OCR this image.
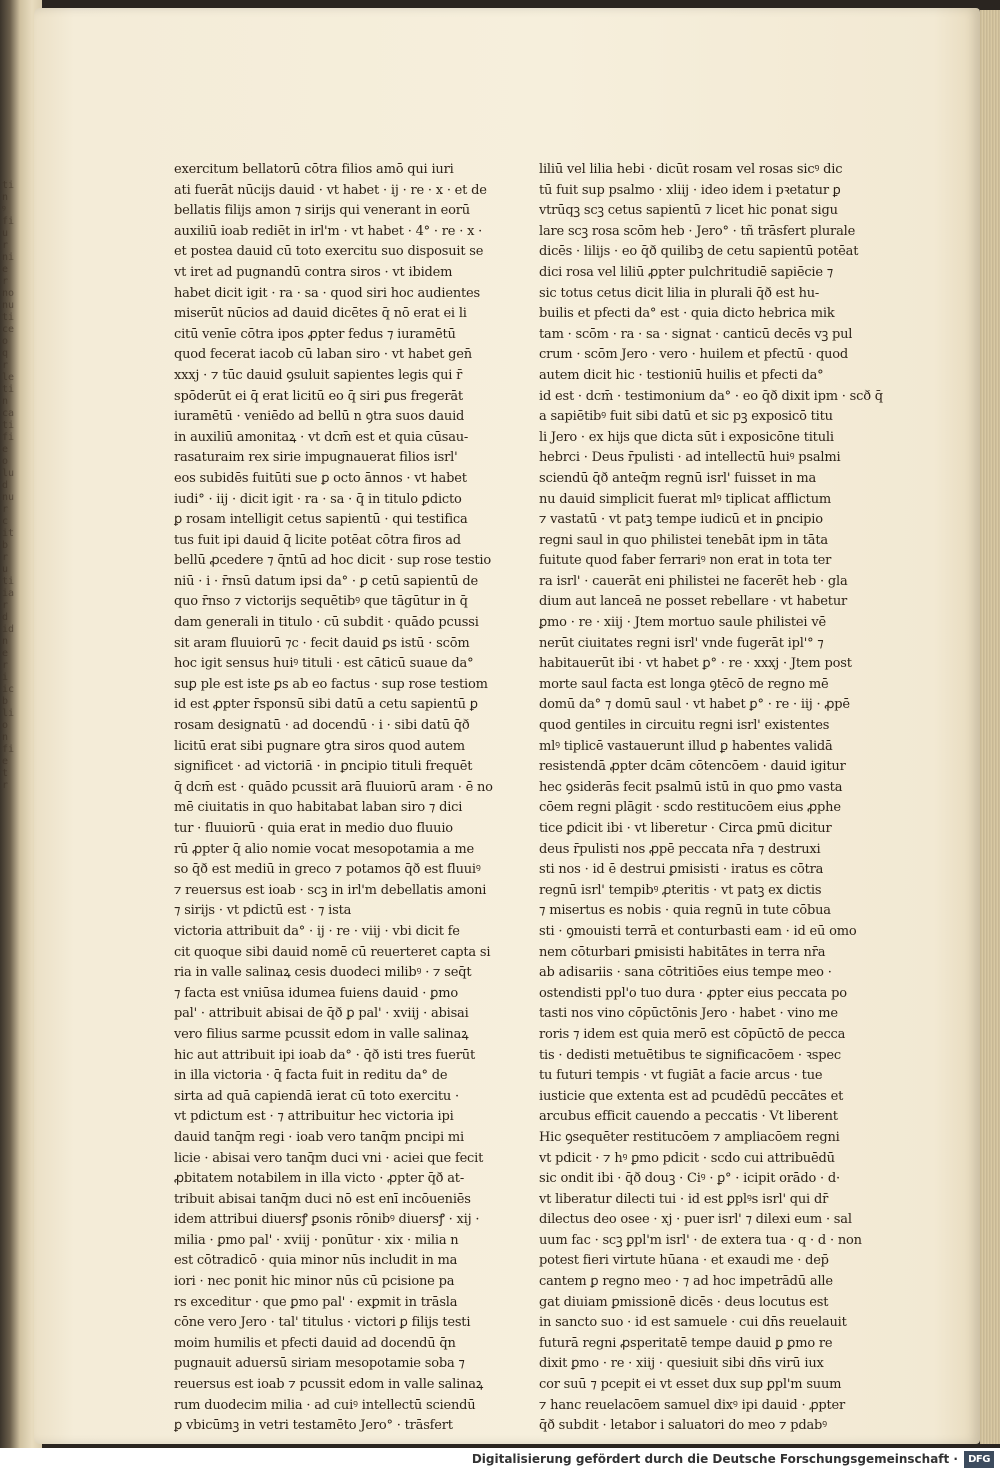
ti
n
ꝰ
fi
u
r
ni
e
r
no
nu
ti
ce
o
q
r
le
ti
n
ca
ti
fi
e
o
lu
d
nu
r
c
it
b
r
u
ti
ia
r
d
id
n
e
r
i
ic
b
li
o
n
fi
e
t
r
exercitum bellatorū cōtra filios amō qui iuri
ati fuerāt nūcijs dauid · vt habet · ij · re · x · et de
bellatis filijs amon ⁊ sirijs qui venerant in eorū
auxiliū ioab rediēt in irl'm · vt habet · 4° · re · x ·
et postea dauid cū toto exercitu suo disposuit se
vt iret ad pugnandū contra siros · vt ibidem
habet dicit igit · ra · sa · quod siri hoc audientes
miserūt nūcios ad dauid dicētes q̄ nō erat ei li
citū venīe cōtra ipos ꝓpter fedus ⁊ iuramētū
quod fecerat iacob cū laban siro · vt habet gen̄
xxxj · ⁊ tūc dauid ꝯsuluit sapientes legis qui r̄
spōderūt ei q̄ erat licitū eo q̄ siri ꝑus fregerāt
iuramētū · veniēdo ad bellū n ꝯtra suos dauid
in auxiliū amonitaꝝ · vt dcm̄ est et quia cūsau-
rasaturaim rex sirie impugnauerat filios isrl'
eos subidēs fuitūti sue ꝑ octo ānnos · vt habet
iudi° · iij · dicit igit · ra · sa · q̄ in titulo ꝑdicto
ꝑ rosam intelligit cetus sapientū · qui testifica
tus fuit ipi dauid q̄ licite potēat cōtra firos ad
bellū ꝓcedere ⁊ q̄ntū ad hoc dicit · sup rose testio
niū · i · r̄nsū datum ipsi da° · ꝑ cetū sapientū de
quo r̄nso ⁊ victorijs sequētibꝰ que tāgūtur in q̄
dam generali in titulo · cū subdit · quādo pcussi
sit aram fluuiorū ⁊c · fecit dauid ꝑs istū · scōm
hoc igit sensus huiꝰ tituli · est cāticū suaue da°
suꝑ ple est iste ꝑs ab eo factus · sup rose testiom
id est ꝓpter r̄sponsū sibi datū a cetu sapientū ꝑ
rosam designatū · ad docendū · i · sibi datū q̄ð
licitū erat sibi pugnare ꝯtra siros quod autem
significet · ad victoriā · in ꝑncipio tituli frequēt
q̄ dcm̄ est · quādo pcussit arā fluuiorū aram · ē no
mē ciuitatis in quo habitabat laban siro ⁊ dici
tur · fluuiorū · quia erat in medio duo fluuio
rū ꝓpter q̄ alio nomie vocat mesopotamia a me
so q̄ð est mediū in greco ⁊ potamos q̄ð est fluuiꝰ
⁊ reuersus est ioab · scꝫ in irl'm debellatis amoni
⁊ sirijs · vt pdictū est · ⁊ ista
victoria attribuit da° · ij · re · viij · vbi dicit fe
cit quoque sibi dauid nomē cū reuerteret capta si
ria in valle salinaꝝ cesis duodeci milibꝰ · ⁊ seq̄t
⁊ facta est vniūsa idumea fuiens dauid · ꝑmo
pal' · attribuit abisai de q̄ð ꝑ pal' · xviij · abisai
vero filius sarme pcussit edom in valle salinaꝝ
hic aut attribuit ipi ioab da° · q̄ð isti tres fuerūt
in illa victoria · q̄ facta fuit in reditu da° de
sirta ad quā capiendā ierat cū toto exercitu ·
vt pdictum est · ⁊ attribuitur hec victoria ipi
dauid tanq̄m regi · ioab vero tanq̄m pncipi mi
licie · abisai vero tanq̄m duci vni · aciei que fecit
ꝓbitatem notabilem in illa victo · ꝓpter q̄ð at-
tribuit abisai tanq̄m duci nō est enī incōueniēs
idem attribui diuersꝭ ꝑsonis rōnibꝰ diuersꝭ · xij ·
milia · ꝑmo pal' · xviij · ponūtur · xix · milia n
est cōtradicō · quia minor nūs includit in ma
iori · nec ponit hic minor nūs cū pcisione pa
rs exceditur · que ꝑmo pal' · exꝑmit in trāsla
cōne vero Jero · tal' titulus · victori ꝑ filijs testi
moim humilis et pfecti dauid ad docendū q̄n
pugnauit aduersū siriam mesopotamie soba ⁊
reuersus est ioab ⁊ pcussit edom in valle salinaꝝ
rum duodecim milia · ad cuiꝰ intellectū sciendū
ꝑ vbicūmꝫ in vetri testamēto Jero° · trāsfert
liliū vel lilia hebi · dicūt rosam vel rosas sicꝰ dic
tū fuit sup psalmo · xliij · ideo idem i pꝛetatur ꝑ
vtrūqꝫ scꝫ cetus sapientū ⁊ licet hic ponat sigu
lare scꝫ rosa scōm heb · Jero° · tñ trāsfert plurale
dicēs · lilijs · eo q̄ð quilibꝫ de cetu sapientū potēat
dici rosa vel liliū ꝓpter pulchritudiē sapiēcie ⁊
sic totus cetus dicit lilia in plurali q̄ð est hu-
builis et pfecti da° est · quia dicto hebrica mik
tam · scōm · ra · sa · signat · canticū decēs vꝫ pul
crum · scōm Jero · vero · huilem et pfectū · quod
autem dicit hic · testioniū huilis et pfecti da°
id est · dcm̄ · testimonium da° · eo q̄ð dixit ipm · scð q̄
a sapiētibꝰ fuit sibi datū et sic pꝫ exposicō titu
li Jero · ex hijs que dicta sūt i exposicōne tituli
hebrci · Deus r̄pulisti · ad intellectū huiꝰ psalmi
sciendū q̄ð anteq̄m regnū isrl' fuisset in ma
nu dauid simplicit fuerat mlꝰ tiplicat afflictum
⁊ vastatū · vt patꝫ tempe iudicū et in ꝑncipio
regni saul in quo philistei tenebāt ipm in tāta
fuitute quod faber ferrariꝰ non erat in tota ter
ra isrl' · cauerāt eni philistei ne facerēt heb · gla
dium aut lanceā ne posset rebellare · vt habetur
ꝑmo · re · xiij · Jtem mortuo saule philistei vē
nerūt ciuitates regni isrl' vnde fugerāt ipl'° ⁊
habitauerūt ibi · vt habet ꝑ° · re · xxxj · Jtem post
morte saul facta est longa ꝯtēcō de regno mē
domū da° ⁊ domū saul · vt habet ꝑ° · re · iij · ꝓpē
quod gentiles in circuitu regni isrl' existentes
mlꝰ tiplicē vastauerunt illud ꝑ habentes validā
resistendā ꝓpter dcām cōtencōem · dauid igitur
hec ꝯsiderās fecit psalmū istū in quo ꝑmo vasta
cōem regni plāgit · scdo restitucōem eius ꝓphe
tice ꝑdicit ibi · vt liberetur · Circa ꝑmū dicitur
deus r̄pulisti nos ꝓpē peccata nr̄a ⁊ destruxi
sti nos · id ē destrui ꝑmisisti · iratus es cōtra
regnū isrl' tempibꝰ ꝓteritis · vt patꝫ ex dictis
⁊ misertus es nobis · quia regnū in tute cōbua
sti · ꝯmouisti terrā et conturbasti eam · id eū omo
nem cōturbari ꝑmisisti habitātes in terra nr̄a
ab adisariis · sana cōtritiōes eius tempe meo ·
ostendisti ppl'o tuo dura · ꝓpter eius peccata po
tasti nos vino cōpūctōnis Jero · habet · vino me
roris ⁊ idem est quia merō est cōpūctō de pecca
tis · dedisti metuētibus te significacōem · ꝛspec
tu futuri tempis · vt fugiāt a facie arcus · tue
iusticie que extenta est ad pcudēdū peccātes et
arcubus efficit cauendo a peccatis · Vt liberent
Hic ꝯsequēter restitucōem ⁊ ampliacōem regni
vt pdicit · ⁊ hꝰ ꝑmo pdicit · scdo cui attribuēdū
sic ondit ibi · q̄ð douꝫ · Ciꝰ · ꝑ° · icipit orādo · d·
vt liberatur dilecti tui · id est ꝑplꝰs isrl' qui dr̄
dilectus deo osee · xj · puer isrl' ⁊ dilexi eum · sal
uum fac · scꝫ ꝑpl'm isrl' · de extera tua · q · d · non
potest fieri virtute hūana · et exaudi me · dep̄
cantem ꝑ regno meo · ⁊ ad hoc impetrādū alle
gat diuiam ꝑmissionē dicēs · deus locutus est
in sancto suo · id est samuele · cui dn̄s reuelauit
futurā regni ꝓsperitatē tempe dauid ꝑ ꝑmo re
dixit ꝑmo · re · xiij · quesiuit sibi dn̄s virū iux
cor suū ⁊ pcepit ei vt esset dux sup ꝑpl'm suum
⁊ hanc reuelacōem samuel dixꝰ ipi dauid · ꝓpter
q̄ð subdit · letabor i saluatori do meo ⁊ pdabꝰ
Digitalisierung gefördert durch die Deutsche Forschungsgemeinschaft ·	DFG
